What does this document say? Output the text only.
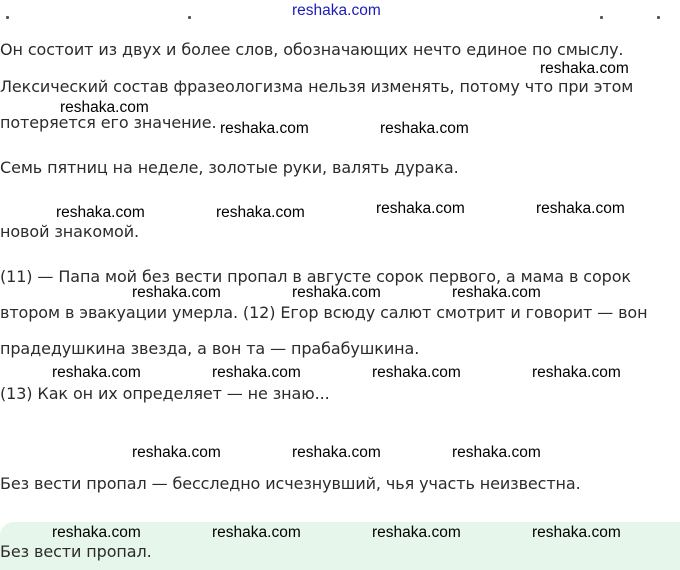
Он состоит из двух и более слов, обозначающих нечто единое по смыслу.

Лексический состав фразеологизма нельзя изменять, потому что при этом

потеряется его значение.

Семь пятниц на неделе, золотые руки, валять дурака.

новой знакомой.

(11) — Папа мой без вести пропал в августе сорок первого, а мама в сорок

втором в эвакуации умерла. (12) Егор всюду салют смотрит и говорит — вон

прадедушкина звезда, а вон та — прабабушкина.

(13) Как он их определяет — не знаю...

Без вести пропал — бесследно исчезнувший, чья участь неизвестна.

Без вести пропал.

reshaka.com
reshaka.com
reshaka.com
reshaka.com	reshaka.com
reshaka.com	reshaka.com	reshaka.com	reshaka.com
reshaka.com	reshaka.com	reshaka.com
reshaka.com	reshaka.com	reshaka.com	reshaka.com
reshaka.com	reshaka.com	reshaka.com
reshaka.com	reshaka.com	reshaka.com	reshaka.com
